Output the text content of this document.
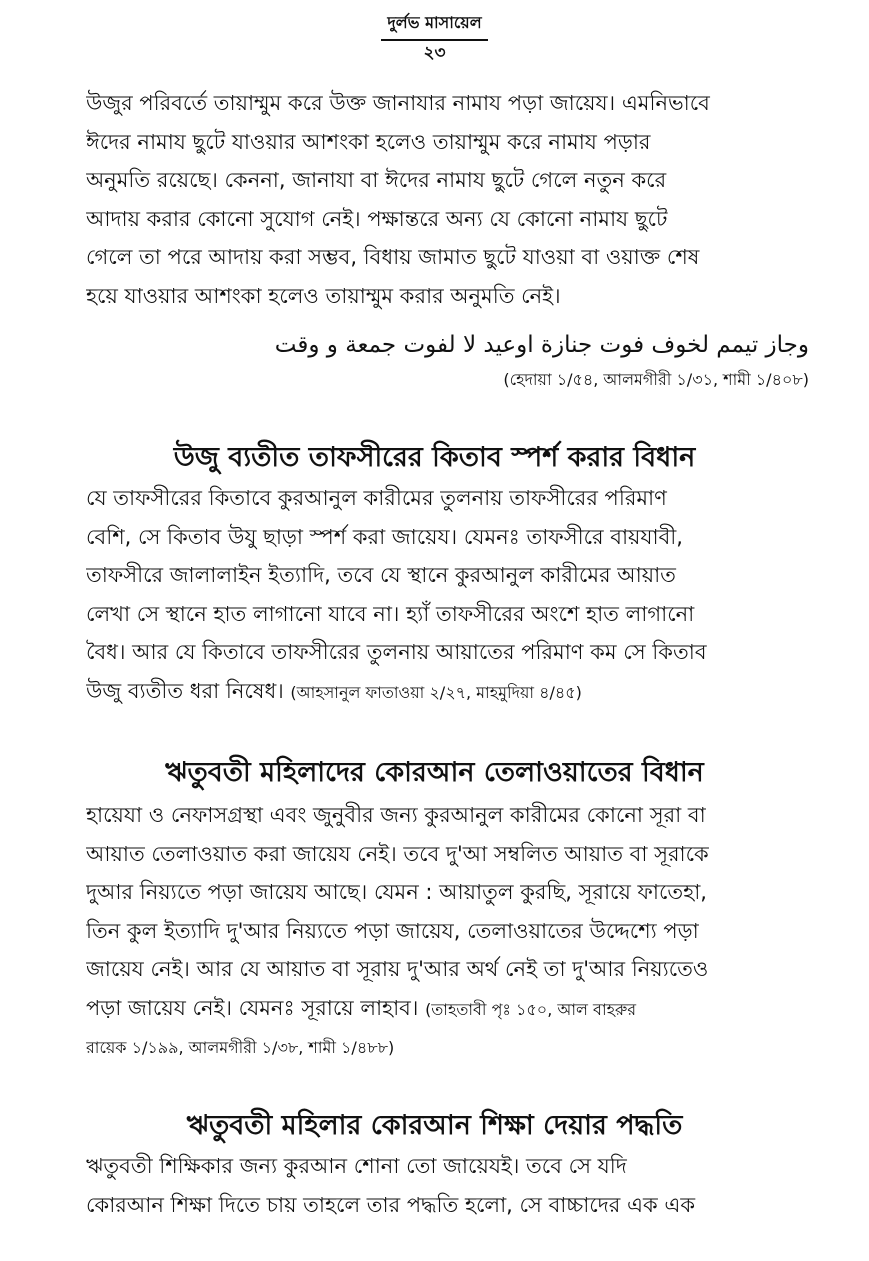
দুর্লভ মাসায়েল
২৩
উজুর পরিবর্তে তায়াম্মুম করে উক্ত জানাযার নামায পড়া জায়েয। এমনিভাবে
ঈদের নামায ছুটে যাওয়ার আশংকা হলেও তায়াম্মুম করে নামায পড়ার
অনুমতি রয়েছে। কেননা, জানাযা বা ঈদের নামায ছুটে গেলে নতুন করে
আদায় করার কোনো সুযোগ নেই। পক্ষান্তরে অন্য যে কোনো নামায ছুটে
গেলে তা পরে আদায় করা সম্ভব, বিধায় জামাত ছুটে যাওয়া বা ওয়াক্ত শেষ
হয়ে যাওয়ার আশংকা হলেও তায়াম্মুম করার অনুমতি নেই।
وجاز تيمم لخوف فوت جنازة اوعيد لا لفوت جمعة و وقت
(হেদায়া ১/৫৪, আলমগীরী ১/৩১, শামী ১/৪০৮)
উজু ব্যতীত তাফসীরের কিতাব স্পর্শ করার বিধান
যে তাফসীরের কিতাবে কুরআনুল কারীমের তুলনায় তাফসীরের পরিমাণ
বেশি, সে কিতাব উযু ছাড়া স্পর্শ করা জায়েয। যেমনঃ তাফসীরে বায়যাবী,
তাফসীরে জালালাইন ইত্যাদি, তবে যে স্থানে কুরআনুল কারীমের আয়াত
লেখা সে স্থানে হাত লাগানো যাবে না। হ্যাঁ তাফসীরের অংশে হাত লাগানো
বৈধ। আর যে কিতাবে তাফসীরের তুলনায় আয়াতের পরিমাণ কম সে কিতাব
উজু ব্যতীত ধরা নিষেধ। (আহসানুল ফাতাওয়া ২/২৭, মাহমুদিয়া ৪/৪৫)
ঋতুবতী মহিলাদের কোরআন তেলাওয়াতের বিধান
হায়েযা ও নেফাসগ্রস্থা এবং জুনুবীর জন্য কুরআনুল কারীমের কোনো সূরা বা
আয়াত তেলাওয়াত করা জায়েয নেই। তবে দু'আ সম্বলিত আয়াত বা সূরাকে
দুআর নিয়্যতে পড়া জায়েয আছে। যেমন : আয়াতুল কুরছি, সূরায়ে ফাতেহা,
তিন কুল ইত্যাদি দু'আর নিয়্যতে পড়া জায়েয, তেলাওয়াতের উদ্দেশ্যে পড়া
জায়েয নেই। আর যে আয়াত বা সূরায় দু'আর অর্থ নেই তা দু'আর নিয়্যতেও
পড়া জায়েয নেই। যেমনঃ সূরায়ে লাহাব। (তাহতাবী পৃঃ ১৫০, আল বাহরুর
রায়েক ১/১৯৯, আলমগীরী ১/৩৮, শামী ১/৪৮৮)
ঋতুবতী মহিলার কোরআন শিক্ষা দেয়ার পদ্ধতি
ঋতুবতী শিক্ষিকার জন্য কুরআন শোনা তো জায়েযই। তবে সে যদি
কোরআন শিক্ষা দিতে চায় তাহলে তার পদ্ধতি হলো, সে বাচ্চাদের এক এক
